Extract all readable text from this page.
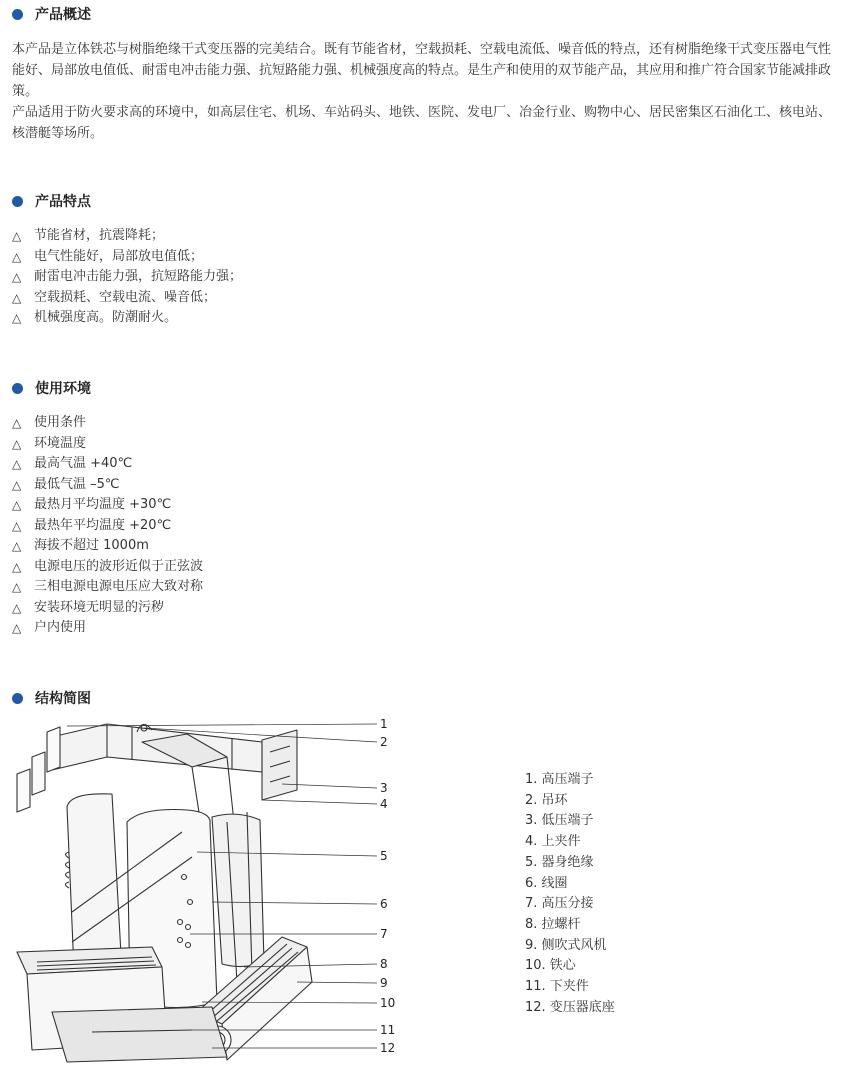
产品概述

本产品是立体铁芯与树脂绝缘干式变压器的完美结合。既有节能省材，空载损耗、空载电流低、噪音低的特点，还有树脂绝缘干式变压器电气性能好、局部放电值低、耐雷电冲击能力强、抗短路能力强、机械强度高的特点。是生产和使用的双节能产品，其应用和推广符合国家节能减排政策。

产品适用于防火要求高的环境中，如高层住宅、机场、车站码头、地铁、医院、发电厂、冶金行业、购物中心、居民密集区石油化工、核电站、核潜艇等场所。

产品特点
△ 节能省材，抗震降耗；
△ 电气性能好，局部放电值低；
△ 耐雷电冲击能力强，抗短路能力强；
△ 空载损耗、空载电流、噪音低；
△ 机械强度高。防潮耐火。
使用环境
△ 使用条件
△ 环境温度
△ 最高气温 +40℃
△ 最低气温 –5℃
△ 最热月平均温度 +30℃
△ 最热年平均温度 +20℃
△ 海拔不超过 1000m
△ 电源电压的波形近似于正弦波
△ 三相电源电源电压应大致对称
△ 安装环境无明显的污秽
△ 户内使用
结构简图
1
2
3
4
5
6
7
8
9
10
11
12
1. 高压端子
2. 吊环
3. 低压端子
4. 上夹件
5. 器身绝缘
6. 线圈
7. 高压分接
8. 拉螺杆
9. 侧吹式风机
10. 铁心
11. 下夹件
12. 变压器底座
